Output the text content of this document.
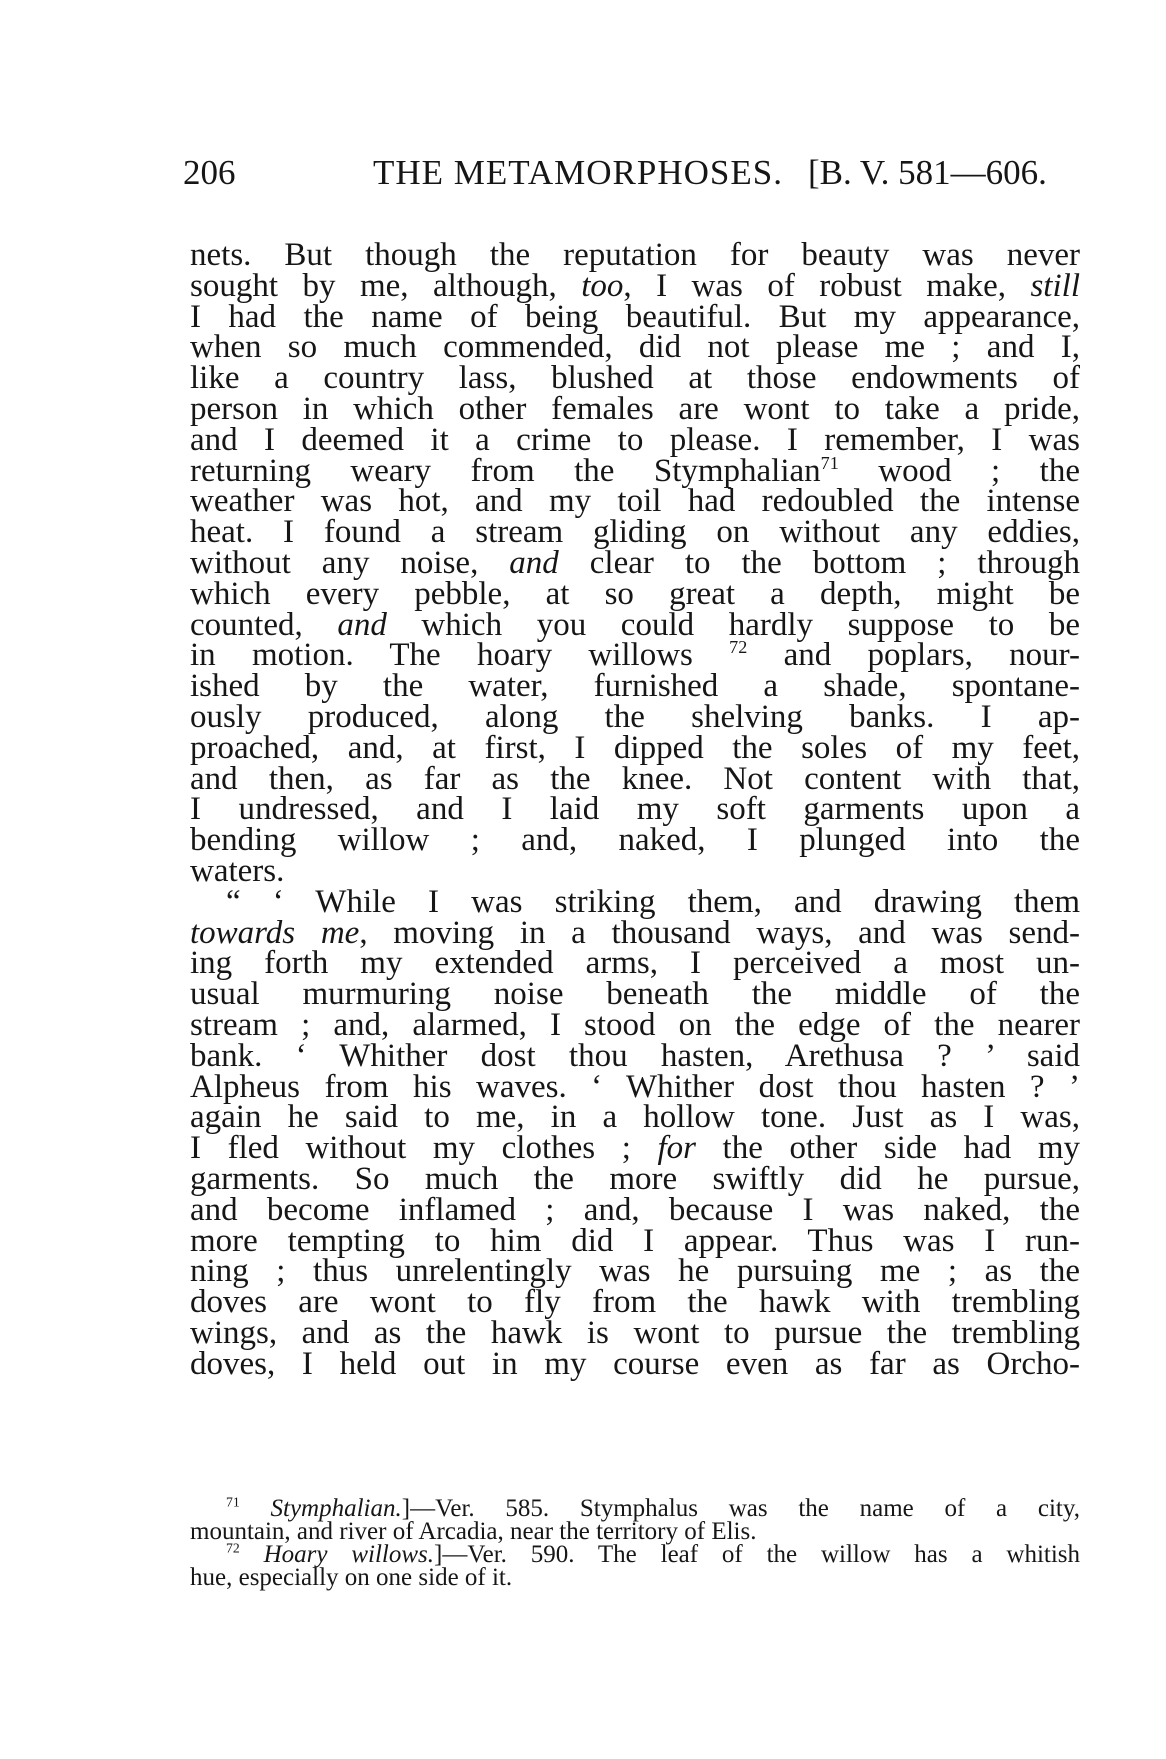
206	THE METAMORPHOSES. [B. V. 581—606.
nets. But though the reputation for beauty was never
sought by me, although, too, I was of robust make, still
I had the name of being beautiful. But my appearance,
when so much commended, did not please me ; and I,
like a country lass, blushed at those endowments of
person in which other females are wont to take a pride,
and I deemed it a crime to please. I remember, I was
returning weary from the Stymphalian$^{71}$ wood ; the
weather was hot, and my toil had redoubled the intense
heat. I found a stream gliding on without any eddies,
without any noise, and clear to the bottom ; through
which every pebble, at so great a depth, might be
counted, and which you could hardly suppose to be
in motion. The hoary willows $^{72}$ and poplars, nour-
ished by the water, furnished a shade, spontane-
ously produced, along the shelving banks. I ap-
proached, and, at first, I dipped the soles of my feet,
and then, as far as the knee. Not content with that,
I undressed, and I laid my soft garments upon a
bending willow ; and, naked, I plunged into the
waters.
“ ‘ While I was striking them, and drawing them
towards me, moving in a thousand ways, and was send-
ing forth my extended arms, I perceived a most un-
usual murmuring noise beneath the middle of the
stream ; and, alarmed, I stood on the edge of the nearer
bank. ‘ Whither dost thou hasten, Arethusa ? ’ said
Alpheus from his waves. ‘ Whither dost thou hasten ? ’
again he said to me, in a hollow tone. Just as I was,
I fled without my clothes ; for the other side had my
garments. So much the more swiftly did he pursue,
and become inflamed ; and, because I was naked, the
more tempting to him did I appear. Thus was I run-
ning ; thus unrelentingly was he pursuing me ; as the
doves are wont to fly from the hawk with trembling
wings, and as the hawk is wont to pursue the trembling
doves, I held out in my course even as far as Orcho-
$^{71}$ Stymphalian.]—Ver. 585. Stymphalus was the name of a city,
mountain, and river of Arcadia, near the territory of Elis.
$^{72}$ Hoary willows.]—Ver. 590. The leaf of the willow has a whitish
hue, especially on one side of it.
